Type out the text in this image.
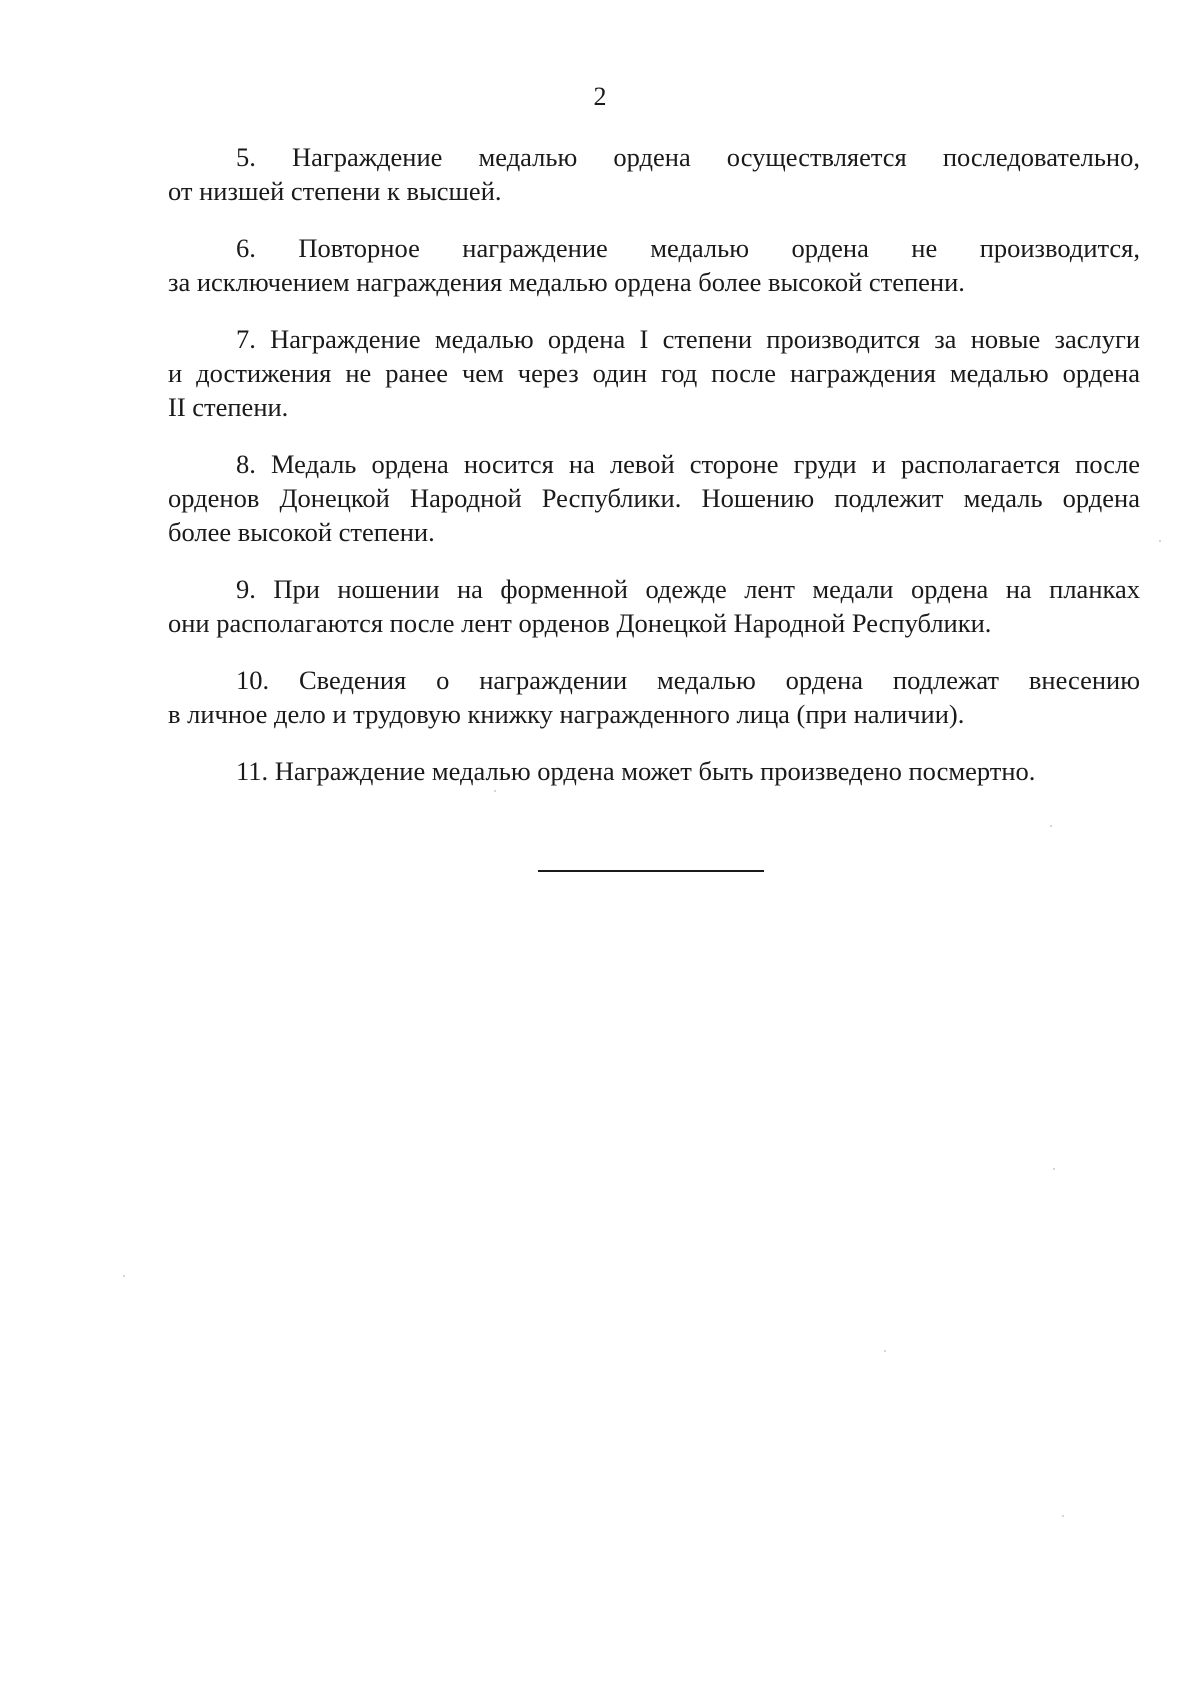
2
5. Награждение медалью ордена осуществляется последовательно,
от низшей степени к высшей.
6. Повторное награждение медалью ордена не производится,
за исключением награждения медалью ордена более высокой степени.
7. Награждение медалью ордена I степени производится за новые заслуги
и достижения не ранее чем через один год после награждения медалью ордена
II степени.
8. Медаль ордена носится на левой стороне груди и располагается после
орденов Донецкой Народной Республики. Ношению подлежит медаль ордена
более высокой степени.
9. При ношении на форменной одежде лент медали ордена на планках
они располагаются после лент орденов Донецкой Народной Республики.
10. Сведения о награждении медалью ордена подлежат внесению
в личное дело и трудовую книжку награжденного лица (при наличии).
11. Награждение медалью ордена может быть произведено посмертно.
